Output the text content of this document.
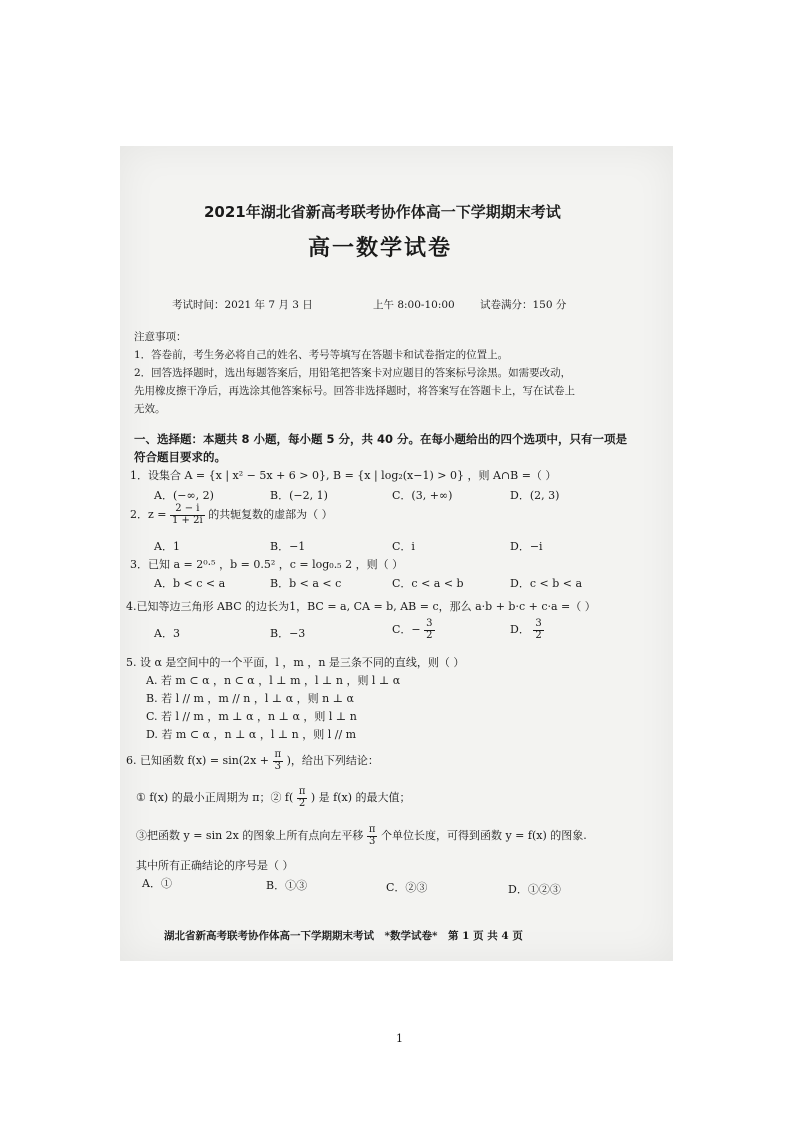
2021年湖北省新高考联考协作体高一下学期期末考试
高一数学试卷
考试时间：2021 年 7 月 3 日	上午 8:00-10:00 试卷满分：150 分
注意事项：
1．答卷前，考生务必将自己的姓名、考号等填写在答题卡和试卷指定的位置上。
2．回答选择题时，选出每题答案后，用铅笔把答案卡对应题目的答案标号涂黑。如需要改动，
先用橡皮擦干净后，再选涂其他答案标号。回答非选择题时，将答案写在答题卡上，写在试卷上
无效。
一、选择题：本题共 8 小题，每小题 5 分，共 40 分。在每小题给出的四个选项中，只有一项是
符合题目要求的。
1．设集合 A = {x | x² − 5x + 6 > 0}, B = {x | log₂(x−1) > 0} ，则 A∩B =（ ）
A．(−∞, 2)	B．(−2, 1)	C．(3, +∞)	D．(2, 3)
2．$z = \frac{2 - i}{1 + 2i}$ 的共轭复数的虚部为（ ）
A．1	B．−1	C．i	D．−i
3．已知 a = 2⁰·⁵ ，b = 0.5² ，c = log₀.₅ 2 ，则（ ）
A．b < c < a	B．b < a < c	C．c < a < b	D．c < b < a
4.已知等边三角形 ABC 的边长为1，BC = a, CA = b, AB = c，那么 a·b + b·c + c·a =（ ）
A．3	B．−3	C．− $\frac{3}{2}$	D． $\frac{3}{2}$
5. 设 α 是空间中的一个平面，l ，m ，n 是三条不同的直线，则（ ）
A. 若 m ⊂ α ，n ⊂ α ，l ⊥ m ，l ⊥ n ，则 l ⊥ α
B. 若 l // m ，m // n ，l ⊥ α ，则 n ⊥ α
C. 若 l // m ，m ⊥ α ，n ⊥ α ，则 l ⊥ n
D. 若 m ⊂ α ，n ⊥ α ，l ⊥ n ，则 l // m
6. 已知函数 $f(x) = \sin(2x + \frac{\pi}{3}$ )，给出下列结论：
① f(x) 的最小正周期为 π；② $f( \frac{\pi}{2}$ ) 是 f(x) 的最大值；
③把函数 y = sin 2x 的图象上所有点向左平移 $\frac{\pi}{3}$ 个单位长度，可得到函数 y = f(x) 的图象.
其中所有正确结论的序号是（ ）
A．①	B．①③	C．②③	D．①②③
湖北省新高考联考协作体高一下学期期末考试　*数学试卷*　第 1 页 共 4 页
1
